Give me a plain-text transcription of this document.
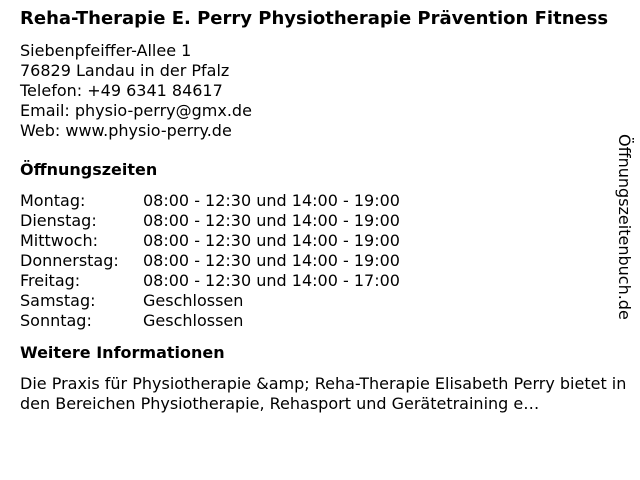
Reha-Therapie E. Perry Physiotherapie Prävention Fitness
Siebenpfeiffer-Allee 1
76829 Landau in der Pfalz
Telefon: +49 6341 84617
Email: physio-perry@gmx.de
Web: www.physio-perry.de
Öffnungszeiten
Montag:	08:00 - 12:30 und 14:00 - 19:00
Dienstag:	08:00 - 12:30 und 14:00 - 19:00
Mittwoch:	08:00 - 12:30 und 14:00 - 19:00
Donnerstag:	08:00 - 12:30 und 14:00 - 19:00
Freitag:	08:00 - 12:30 und 14:00 - 17:00
Samstag:	Geschlossen
Sonntag:	Geschlossen
Weitere Informationen
Die Praxis für Physiotherapie &amp; Reha-Therapie Elisabeth Perry bietet in den Bereichen Physiotherapie, Rehasport und Gerätetraining e…
Öffnungszeitenbuch.de
